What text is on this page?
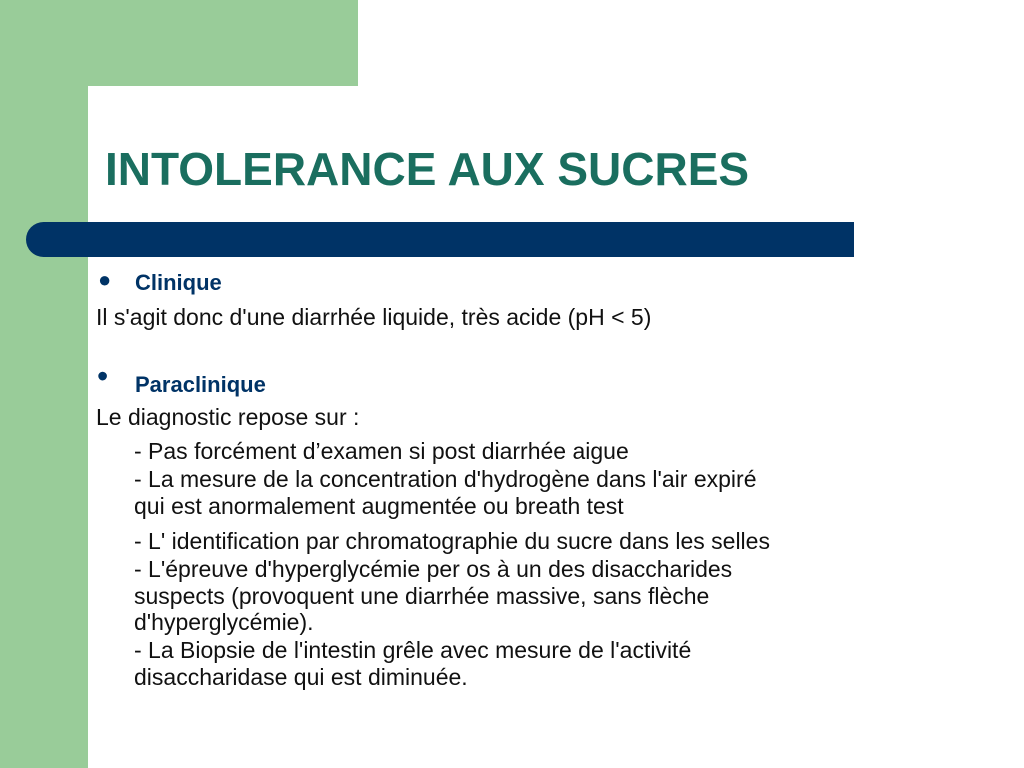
INTOLERANCE AUX SUCRES
● Clinique
Il s'agit donc d'une diarrhée liquide, très acide (pH < 5)
• Paraclinique
Le diagnostic repose sur :
- Pas forcément d’examen si post diarrhée aigue
- La mesure de la concentration d'hydrogène dans l'air expiré
qui est anormalement augmentée ou breath test
- L' identification par chromatographie du sucre dans les selles
- L'épreuve d'hyperglycémie per os à un des disaccharides
suspects (provoquent une diarrhée massive, sans flèche
d'hyperglycémie).
- La Biopsie de l'intestin grêle avec mesure de l'activité
disaccharidase qui est diminuée.
